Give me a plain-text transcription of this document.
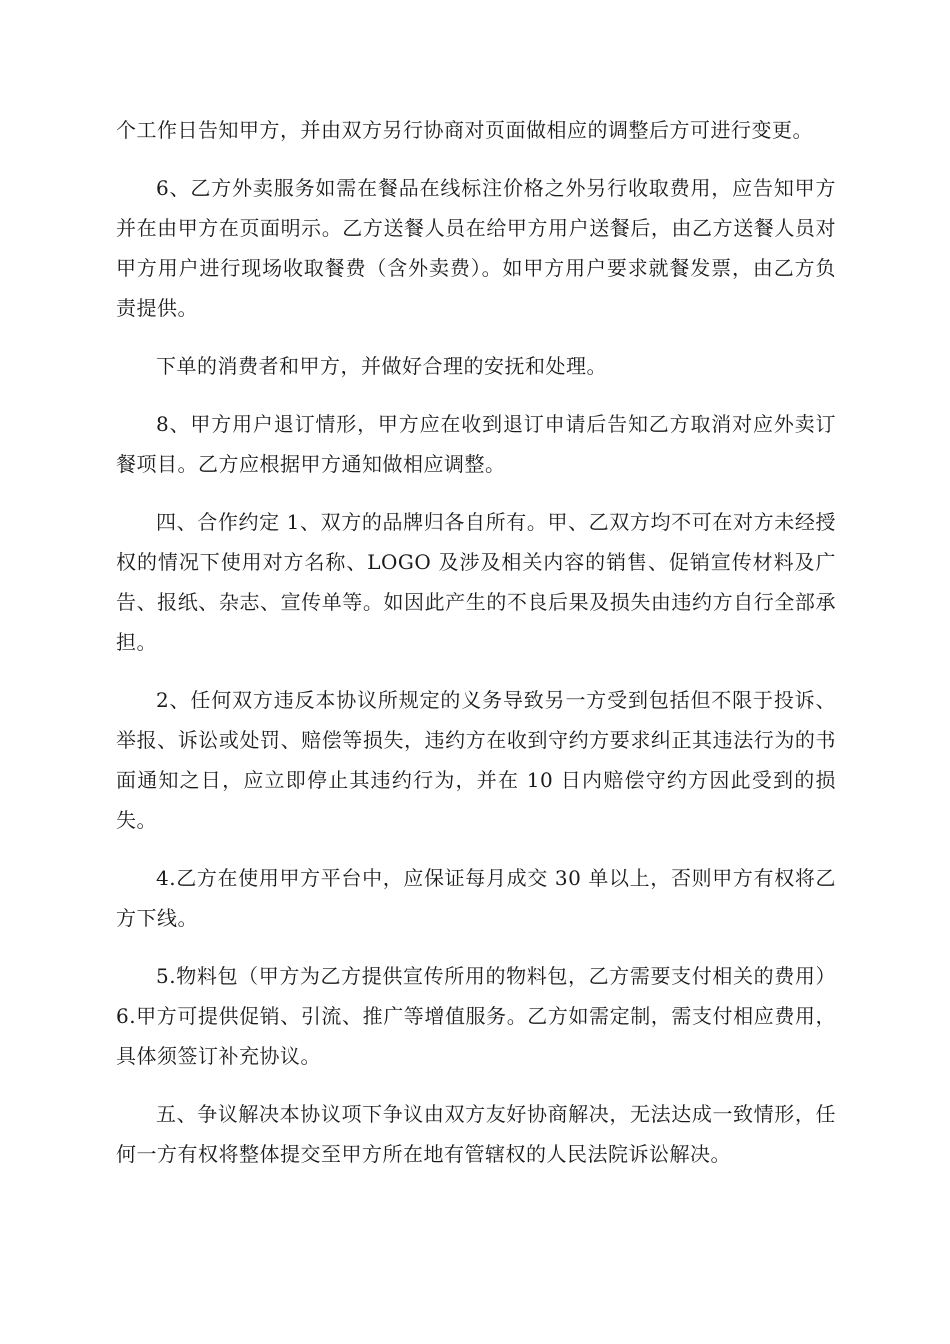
个工作日告知甲方，并由双方另行协商对页面做相应的调整后方可进行变更。

6、乙方外卖服务如需在餐品在线标注价格之外另行收取费用，应告知甲方并在由甲方在页面明示。乙方送餐人员在给甲方用户送餐后，由乙方送餐人员对甲方用户进行现场收取餐费（含外卖费）。如甲方用户要求就餐发票，由乙方负责提供。

下单的消费者和甲方，并做好合理的安抚和处理。

8、甲方用户退订情形，甲方应在收到退订申请后告知乙方取消对应外卖订餐项目。乙方应根据甲方通知做相应调整。

四、合作约定 1、双方的品牌归各自所有。甲、乙双方均不可在对方未经授权的情况下使用对方名称、LOGO 及涉及相关内容的销售、促销宣传材料及广告、报纸、杂志、宣传单等。如因此产生的不良后果及损失由违约方自行全部承担。

2、任何双方违反本协议所规定的义务导致另一方受到包括但不限于投诉、举报、诉讼或处罚、赔偿等损失，违约方在收到守约方要求纠正其违法行为的书面通知之日，应立即停止其违约行为，并在 10 日内赔偿守约方因此受到的损失。

4.乙方在使用甲方平台中，应保证每月成交 30 单以上，否则甲方有权将乙方下线。

5.物料包（甲方为乙方提供宣传所用的物料包，乙方需要支付相关的费用） 6.甲方可提供促销、引流、推广等增值服务。乙方如需定制，需支付相应费用，具体须签订补充协议。

五、争议解决本协议项下争议由双方友好协商解决，无法达成一致情形，任何一方有权将整体提交至甲方所在地有管辖权的人民法院诉讼解决。
